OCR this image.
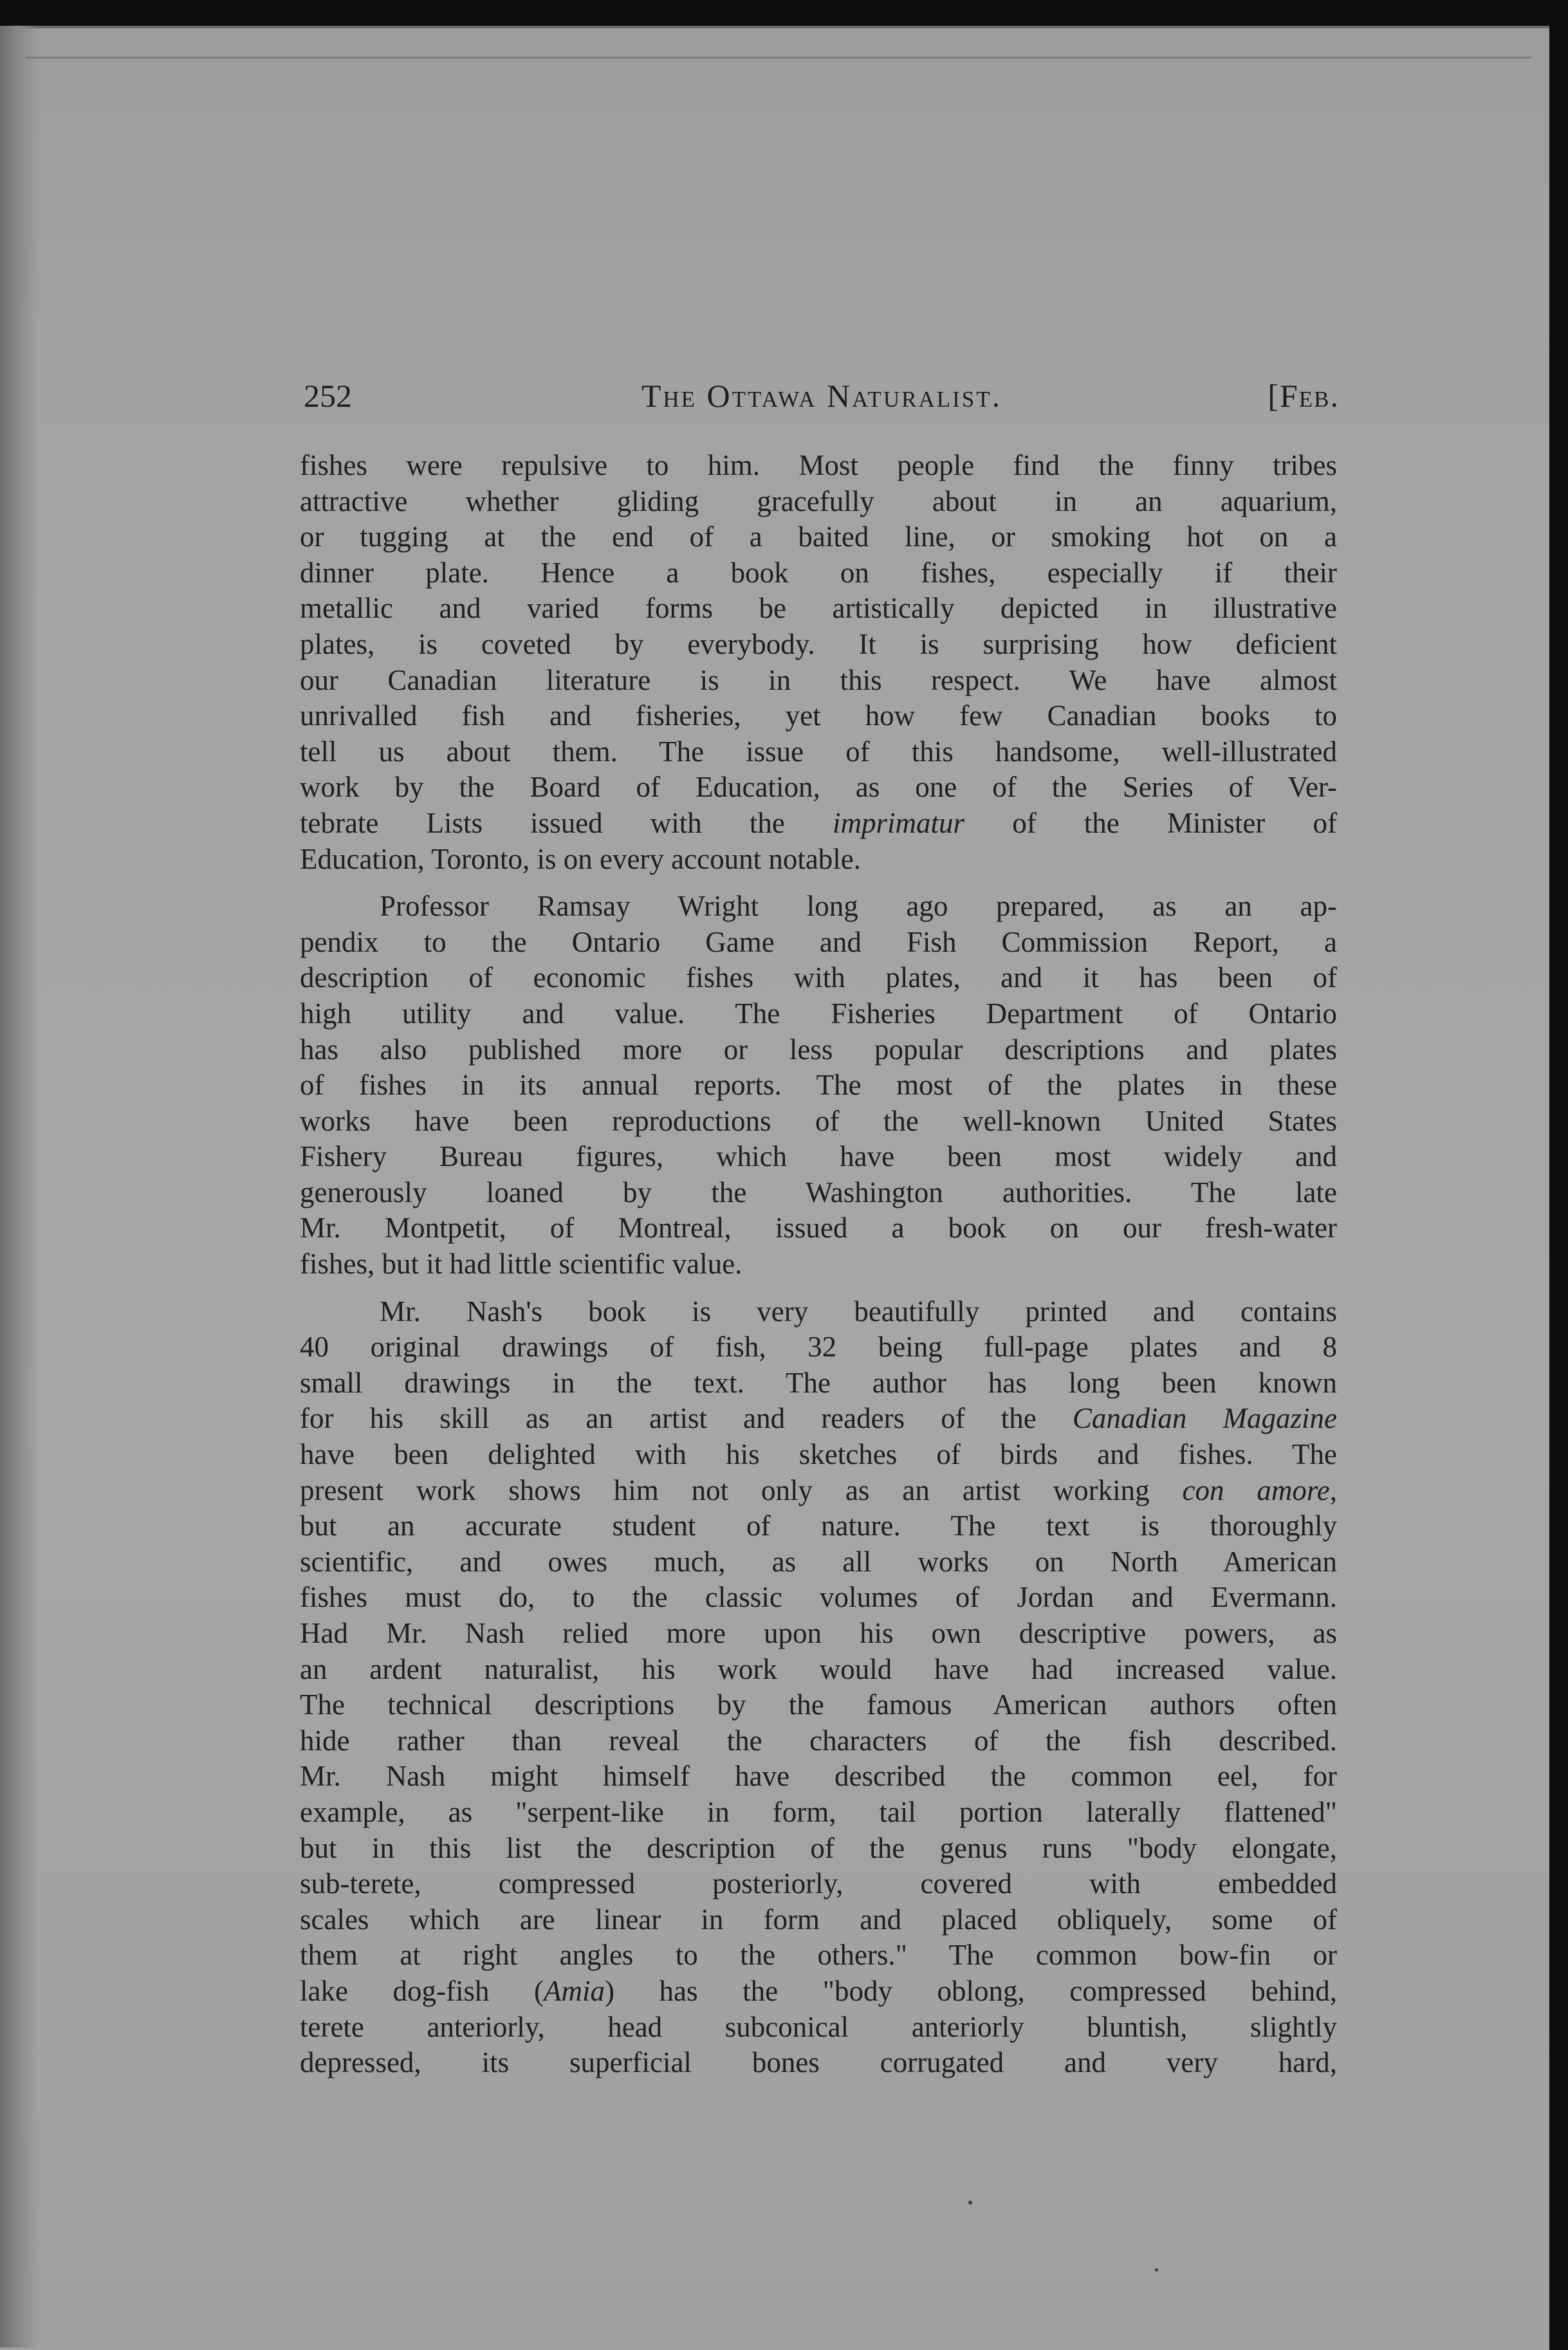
252	The Ottawa Naturalist.	[Feb.
fishes were repulsive to him. Most people find the finny tribes
attractive whether gliding gracefully about in an aquarium,
or tugging at the end of a baited line, or smoking hot on a
dinner plate. Hence a book on fishes, especially if their
metallic and varied forms be artistically depicted in illustrative
plates, is coveted by everybody. It is surprising how deficient
our Canadian literature is in this respect. We have almost
unrivalled fish and fisheries, yet how few Canadian books to
tell us about them. The issue of this handsome, well-illustrated
work by the Board of Education, as one of the Series of Ver-
tebrate Lists issued with the imprimatur of the Minister of
Education, Toronto, is on every account notable.
Professor Ramsay Wright long ago prepared, as an ap-
pendix to the Ontario Game and Fish Commission Report, a
description of economic fishes with plates, and it has been of
high utility and value. The Fisheries Department of Ontario
has also published more or less popular descriptions and plates
of fishes in its annual reports. The most of the plates in these
works have been reproductions of the well-known United States
Fishery Bureau figures, which have been most widely and
generously loaned by the Washington authorities. The late
Mr. Montpetit, of Montreal, issued a book on our fresh-water
fishes, but it had little scientific value.
Mr. Nash's book is very beautifully printed and contains
40 original drawings of fish, 32 being full-page plates and 8
small drawings in the text. The author has long been known
for his skill as an artist and readers of the Canadian Magazine
have been delighted with his sketches of birds and fishes. The
present work shows him not only as an artist working con amore,
but an accurate student of nature. The text is thoroughly
scientific, and owes much, as all works on North American
fishes must do, to the classic volumes of Jordan and Evermann.
Had Mr. Nash relied more upon his own descriptive powers, as
an ardent naturalist, his work would have had increased value.
The technical descriptions by the famous American authors often
hide rather than reveal the characters of the fish described.
Mr. Nash might himself have described the common eel, for
example, as "serpent-like in form, tail portion laterally flattened"
but in this list the description of the genus runs "body elongate,
sub-terete, compressed posteriorly, covered with embedded
scales which are linear in form and placed obliquely, some of
them at right angles to the others." The common bow-fin or
lake dog-fish (Amia) has the "body oblong, compressed behind,
terete anteriorly, head subconical anteriorly bluntish, slightly
depressed, its superficial bones corrugated and very hard,
